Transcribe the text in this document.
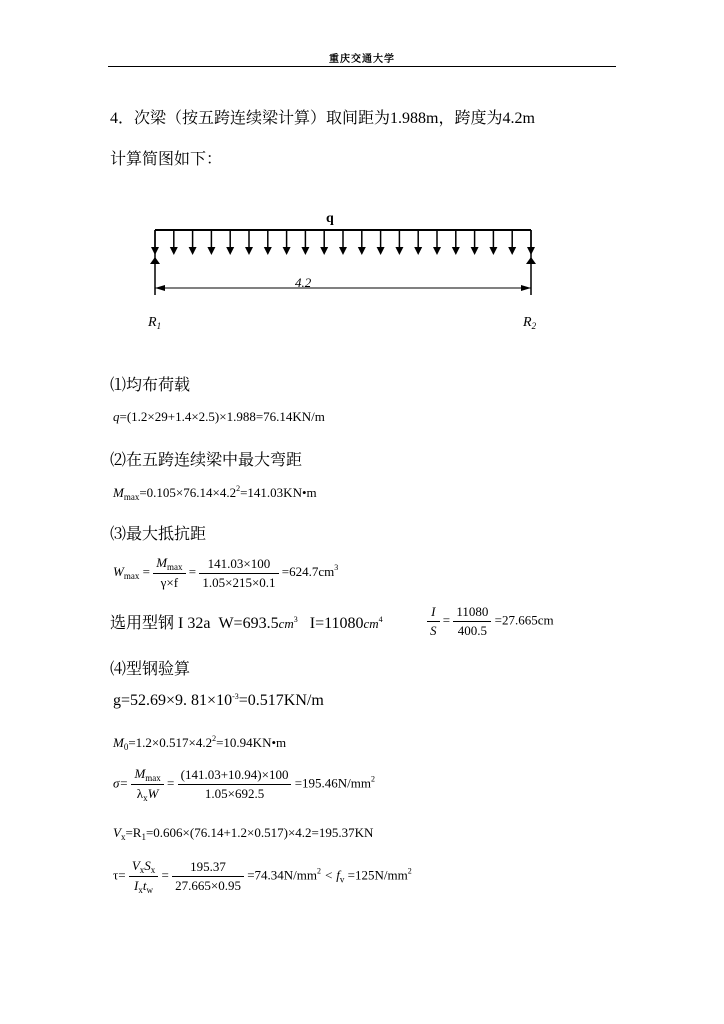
重庆交通大学
4．次梁（按五跨连续梁计算）取间距为1.988m，跨度为4.2m
计算简图如下：
q
4.2
$R_1$	$R_2$
⑴均布荷载
q=(1.2×29+1.4×2.5)×1.988=76.14KN/m
⑵在五跨连续梁中最大弯距
$M_{max}=0.105\times 76.14\times 4.2^2=141.03KN•m$
⑶最大抵抗距
$W_{max} = \frac{M_{max}}{\gamma\times f} = \frac{141.03\times 100}{1.05\times 215\times 0.1} =624.7cm^3$
选用型钢 I 32a $W=693.5cm^3$ $I=11080cm^4$	$\frac{I}{S} = \frac{11080}{400.5} =27.665cm$
⑷型钢验算
g=52.69×9. $81\times 10^{-3}=0.517KN/m$
$M_0=1.2\times 0.517\times 4.2^2=10.94KN•m$
$\sigma= \frac{M_{max}}{\lambda_xW} = \frac{(141.03+10.94)\times 100}{1.05\times 692.5} =195.46N/mm^2$
$V_x=R_1=0.606\times(76.14+1.2\times 0.517)\times 4.2=195.37KN$
$\tau= \frac{V_xS_x}{I_xt_w} = \frac{195.37}{27.665\times 0.95} =74.34N/mm^2 < f_v =125N/mm^2$
